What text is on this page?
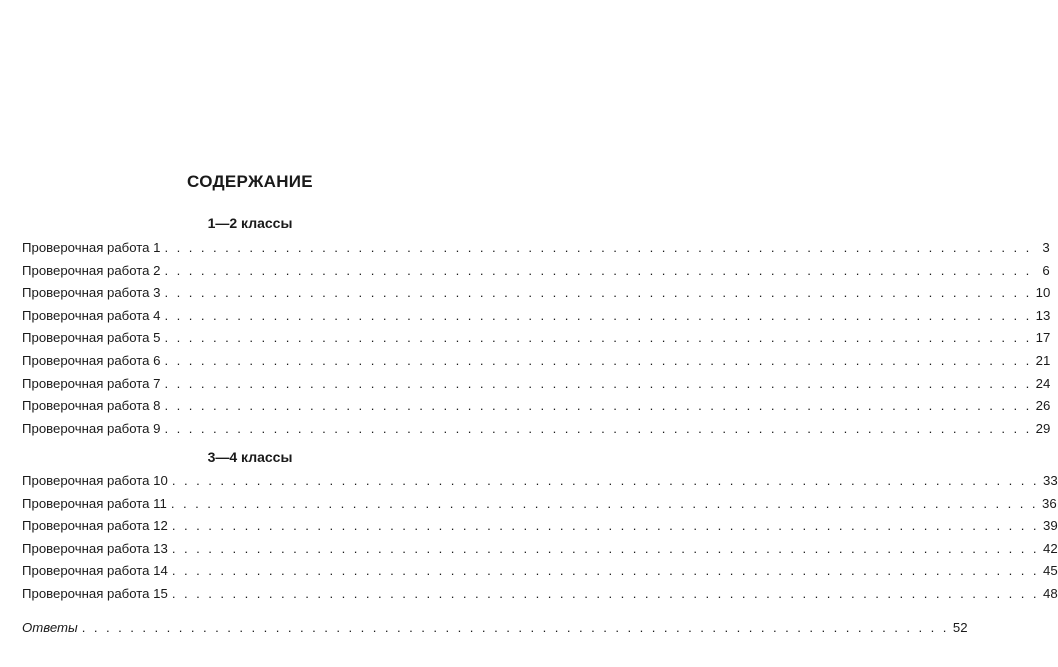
СОДЕРЖАНИЕ
1—2 классы
Проверочная работа 1 . . . . . . . . . . . . . . . . . . . . . . . . . . . . . . . . . . . . . . . . . . . . . . . . . . . . . . . . . . . . . . . . . . . . . . . . 3
Проверочная работа 2 . . . . . . . . . . . . . . . . . . . . . . . . . . . . . . . . . . . . . . . . . . . . . . . . . . . . . . . . . . . . . . . . . . . . . . . . 6
Проверочная работа 3 . . . . . . . . . . . . . . . . . . . . . . . . . . . . . . . . . . . . . . . . . . . . . . . . . . . . . . . . . . . . . . . . . . . . . . . . 10
Проверочная работа 4 . . . . . . . . . . . . . . . . . . . . . . . . . . . . . . . . . . . . . . . . . . . . . . . . . . . . . . . . . . . . . . . . . . . . . . . . 13
Проверочная работа 5 . . . . . . . . . . . . . . . . . . . . . . . . . . . . . . . . . . . . . . . . . . . . . . . . . . . . . . . . . . . . . . . . . . . . . . . . 17
Проверочная работа 6 . . . . . . . . . . . . . . . . . . . . . . . . . . . . . . . . . . . . . . . . . . . . . . . . . . . . . . . . . . . . . . . . . . . . . . . . 21
Проверочная работа 7 . . . . . . . . . . . . . . . . . . . . . . . . . . . . . . . . . . . . . . . . . . . . . . . . . . . . . . . . . . . . . . . . . . . . . . . . 24
Проверочная работа 8 . . . . . . . . . . . . . . . . . . . . . . . . . . . . . . . . . . . . . . . . . . . . . . . . . . . . . . . . . . . . . . . . . . . . . . . . 26
Проверочная работа 9 . . . . . . . . . . . . . . . . . . . . . . . . . . . . . . . . . . . . . . . . . . . . . . . . . . . . . . . . . . . . . . . . . . . . . . . . 29
3—4 классы
Проверочная работа 10 . . . . . . . . . . . . . . . . . . . . . . . . . . . . . . . . . . . . . . . . . . . . . . . . . . . . . . . . . . . . . . . . . . . . . . . . 33
Проверочная работа 11 . . . . . . . . . . . . . . . . . . . . . . . . . . . . . . . . . . . . . . . . . . . . . . . . . . . . . . . . . . . . . . . . . . . . . . . . 36
Проверочная работа 12 . . . . . . . . . . . . . . . . . . . . . . . . . . . . . . . . . . . . . . . . . . . . . . . . . . . . . . . . . . . . . . . . . . . . . . . . 39
Проверочная работа 13 . . . . . . . . . . . . . . . . . . . . . . . . . . . . . . . . . . . . . . . . . . . . . . . . . . . . . . . . . . . . . . . . . . . . . . . . 42
Проверочная работа 14 . . . . . . . . . . . . . . . . . . . . . . . . . . . . . . . . . . . . . . . . . . . . . . . . . . . . . . . . . . . . . . . . . . . . . . . . 45
Проверочная работа 15 . . . . . . . . . . . . . . . . . . . . . . . . . . . . . . . . . . . . . . . . . . . . . . . . . . . . . . . . . . . . . . . . . . . . . . . . 48
Ответы . . . . . . . . . . . . . . . . . . . . . . . . . . . . . . . . . . . . . . . . . . . . . . . . . . . . . . . . . . . . . . . . . . . . . . . . 52
